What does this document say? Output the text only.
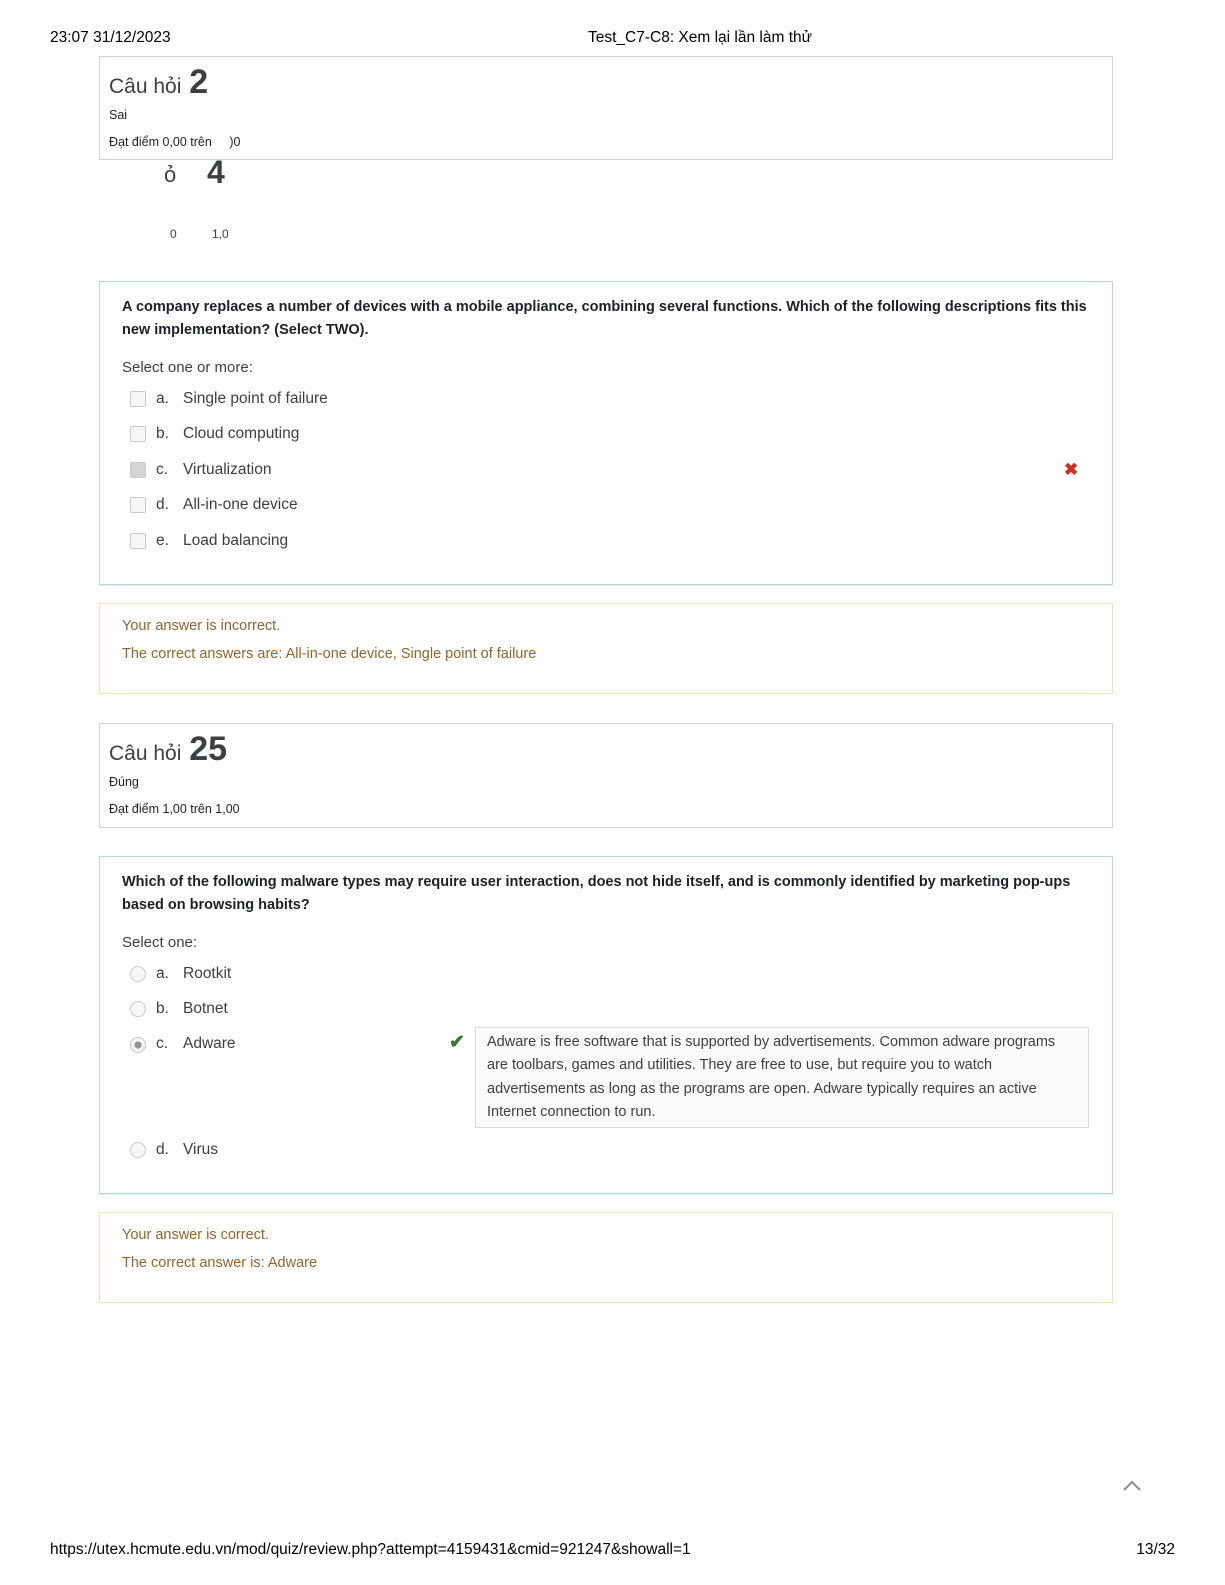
23:07 31/12/2023	Test_C7-C8: Xem lại lần làm thử
Câu hỏi 2
Sai
Đạt điểm 0,00 trên )0
ỏ 4
0	1,0
A company replaces a number of devices with a mobile appliance, combining several functions. Which of the following descriptions fits this new implementation? (Select TWO).
Select one or more:
a. Single point of failure
b. Cloud computing
c. Virtualization	✖
d. All-in-one device
e. Load balancing
Your answer is incorrect.
The correct answers are: All-in-one device, Single point of failure
Câu hỏi 25
Đúng
Đạt điểm 1,00 trên 1,00
Which of the following malware types may require user interaction, does not hide itself, and is commonly identified by marketing pop-ups based on browsing habits?
Select one:
a. Rootkit
b. Botnet
c. Adware	✔	Adware is free software that is supported by advertisements. Common adware programs are toolbars, games and utilities. They are free to use, but require you to watch advertisements as long as the programs are open. Adware typically requires an active Internet connection to run.
d. Virus
Your answer is correct.
The correct answer is: Adware
https://utex.hcmute.edu.vn/mod/quiz/review.php?attempt=4159431&cmid=921247&showall=1	13/32
